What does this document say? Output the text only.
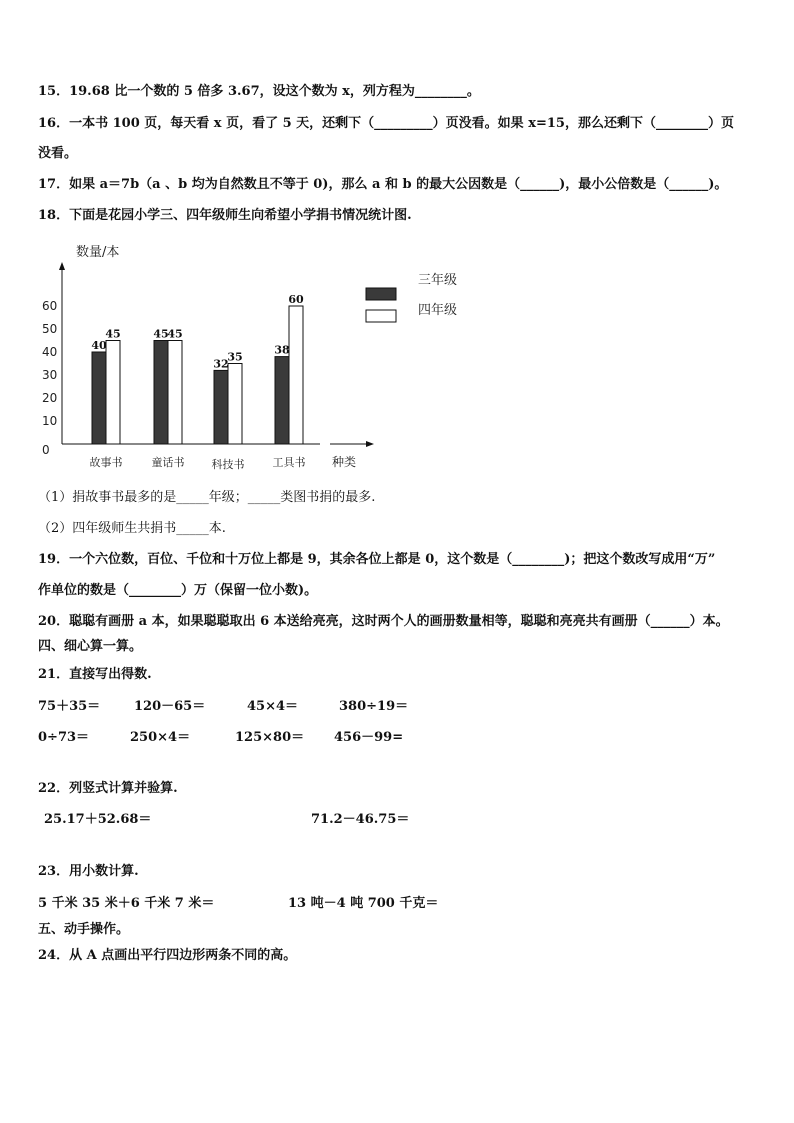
15．19.68 比一个数的 5 倍多 3.67，设这个数为 x，列方程为________。
16．一本书 100 页，每天看 x 页，看了 5 天，还剩下（_________）页没看。如果 x=15，那么还剩下（________）页
没看。
17．如果 a＝7b（a 、b 均为自然数且不等于 0)，那么 a 和 b 的最大公因数是（______)，最小公倍数是（______)。
18．下面是花园小学三、四年级师生向希望小学捐书情况统计图.
数量/本
种类
0
10
20
30
40
50
60
40
45
故事书
45
45
童话书
32
35
科技书
38
60
工具书
三年级
四年级
（1）捐故事书最多的是_____年级；_____类图书捐的最多.
（2）四年级师生共捐书_____本.
19．一个六位数，百位、千位和十万位上都是 9，其余各位上都是 0，这个数是（________)；把这个数改写成用“万”
作单位的数是（________）万（保留一位小数)。
20．聪聪有画册 a 本，如果聪聪取出 6 本送给亮亮，这时两个人的画册数量相等，聪聪和亮亮共有画册（______）本。
四、细心算一算。
21．直接写出得数.
75＋35＝	120－65＝	45×4＝	380÷19＝
0÷73＝	250×4＝	125×80＝ 456－99=
22．列竖式计算并验算.
25.17＋52.68＝	71.2－46.75＝
23．用小数计算.
5 千米 35 米＋6 千米 7 米＝	13 吨－4 吨 700 千克＝
五、动手操作。
24．从 A 点画出平行四边形两条不同的高。
